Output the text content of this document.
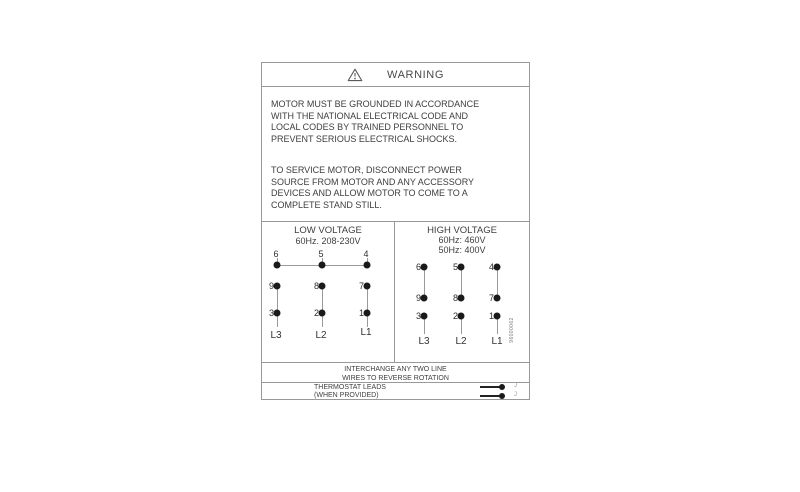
WARNING
MOTOR MUST BE GROUNDED IN ACCORDANCE
WITH THE NATIONAL ELECTRICAL CODE AND
LOCAL CODES BY TRAINED PERSONNEL TO
PREVENT SERIOUS ELECTRICAL SHOCKS.
TO SERVICE MOTOR, DISCONNECT POWER
SOURCE FROM MOTOR AND ANY ACCESSORY
DEVICES AND ALLOW MOTOR TO COME TO A
COMPLETE STAND STILL.
LOW VOLTAGE
60Hz. 208-230V
6	5	4
9	8	7
3	2	1
L3	L2	L1
HIGH VOLTAGE
60Hz: 460V
50Hz: 400V
6	5	4
9	8	7
3	2	1
L3	L2	L1	96000062
INTERCHANGE ANY TWO LINE
WIRES TO REVERSE ROTATION
THERMOSTAT LEADS
(WHEN PROVIDED)
J
J
